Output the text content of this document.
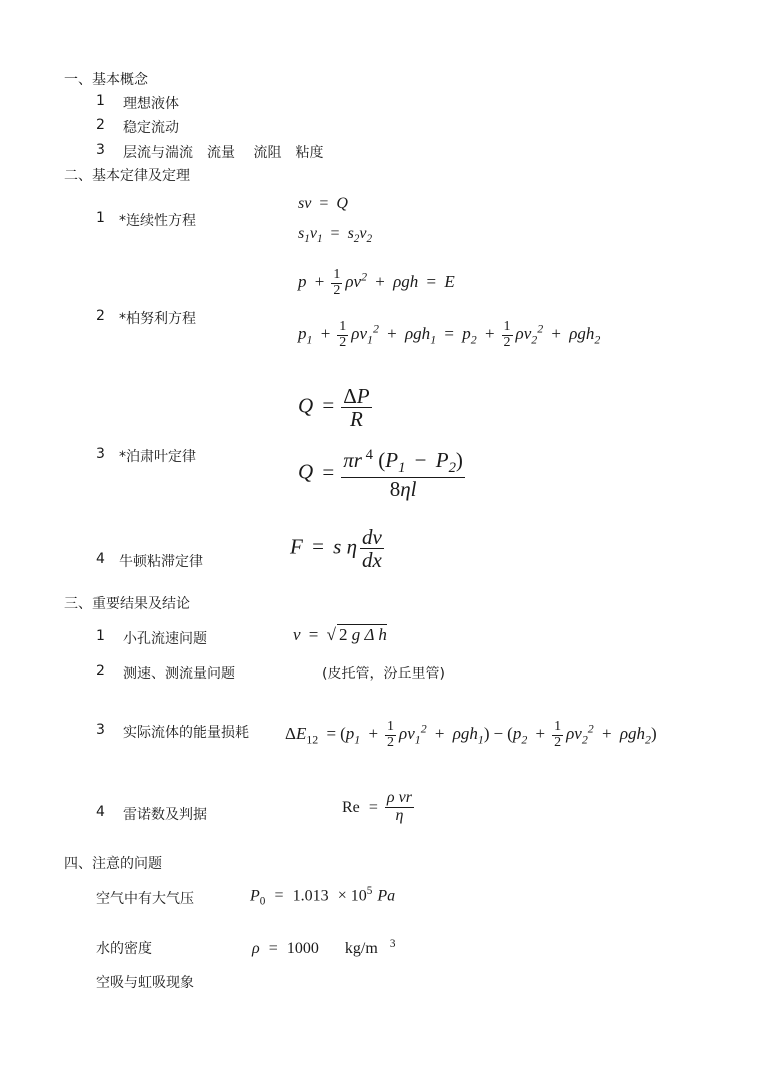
一、基本概念
1 理想液体
2 稳定流动
3 层流与湍流　流量　 流阻　粘度
二、基本定律及定理
1 *连续性方程
sv = Q
$s_1v_1 = s_2v_2$
2 *柏努利方程
$p + \frac{1}{2} \rho v^2 + \rho gh = E$
$p_1 + \frac{1}{2} \rho v_1^2 + \rho gh_1 = p_2 + \frac{1}{2} \rho v_2^2 + \rho gh_2$
3 *泊肃叶定律
$Q = \frac{\Delta P}{R}$
$Q = \frac{\pi r ^4 (P_1 - P_2)}{8\eta l}$
4 牛顿粘滞定律
F = s η $\frac{dv}{dx}$
三、重要结果及结论
1 小孔流速问题	v = √ 2 g Δ h
2 测速、测流量问题	(皮托管，汾丘里管)
3 实际流体的能量损耗 $\Delta E_{12} = (p_1 + \frac{1}{2} \rho v_1^2 + \rho gh_1) - (p_2 + \frac{1}{2} \rho v_2^2 + \rho gh_2)$
4 雷诺数及判据	$Re = \frac{\text{ρ vr}}{\eta}$
四、注意的问题
空气中有大气压	$P_0 = 1.013 \times 10^5$ Pa
水的密度	ρ = 1000　 kg/m $^3$
空吸与虹吸现象
